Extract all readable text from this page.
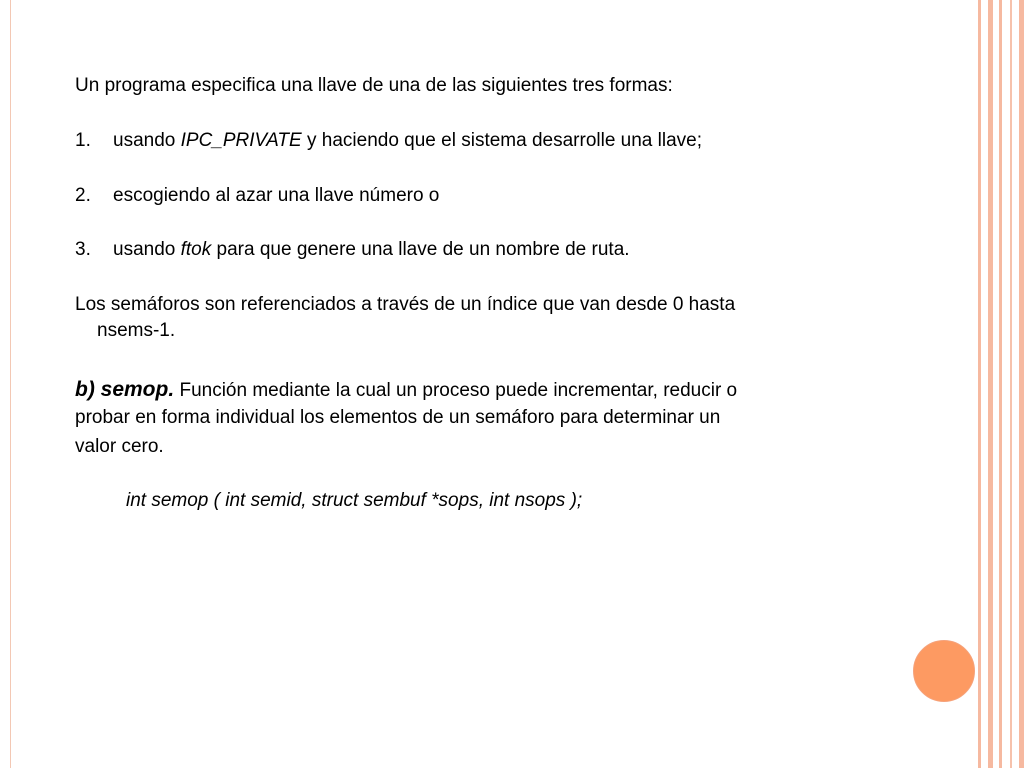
Un programa especifica una llave de una de las siguientes tres formas:
1. usando IPC_PRIVATE y haciendo que el sistema desarrolle una llave;
2. escogiendo al azar una llave número o
3. usando ftok para que genere una llave de un nombre de ruta.
Los semáforos son referenciados a través de un índice que van desde 0 hasta
nsems-1.
b) semop. Función mediante la cual un proceso puede incrementar, reducir o
probar en forma individual los elementos de un semáforo para determinar un
valor cero.
int semop ( int semid, struct sembuf *sops, int nsops );
